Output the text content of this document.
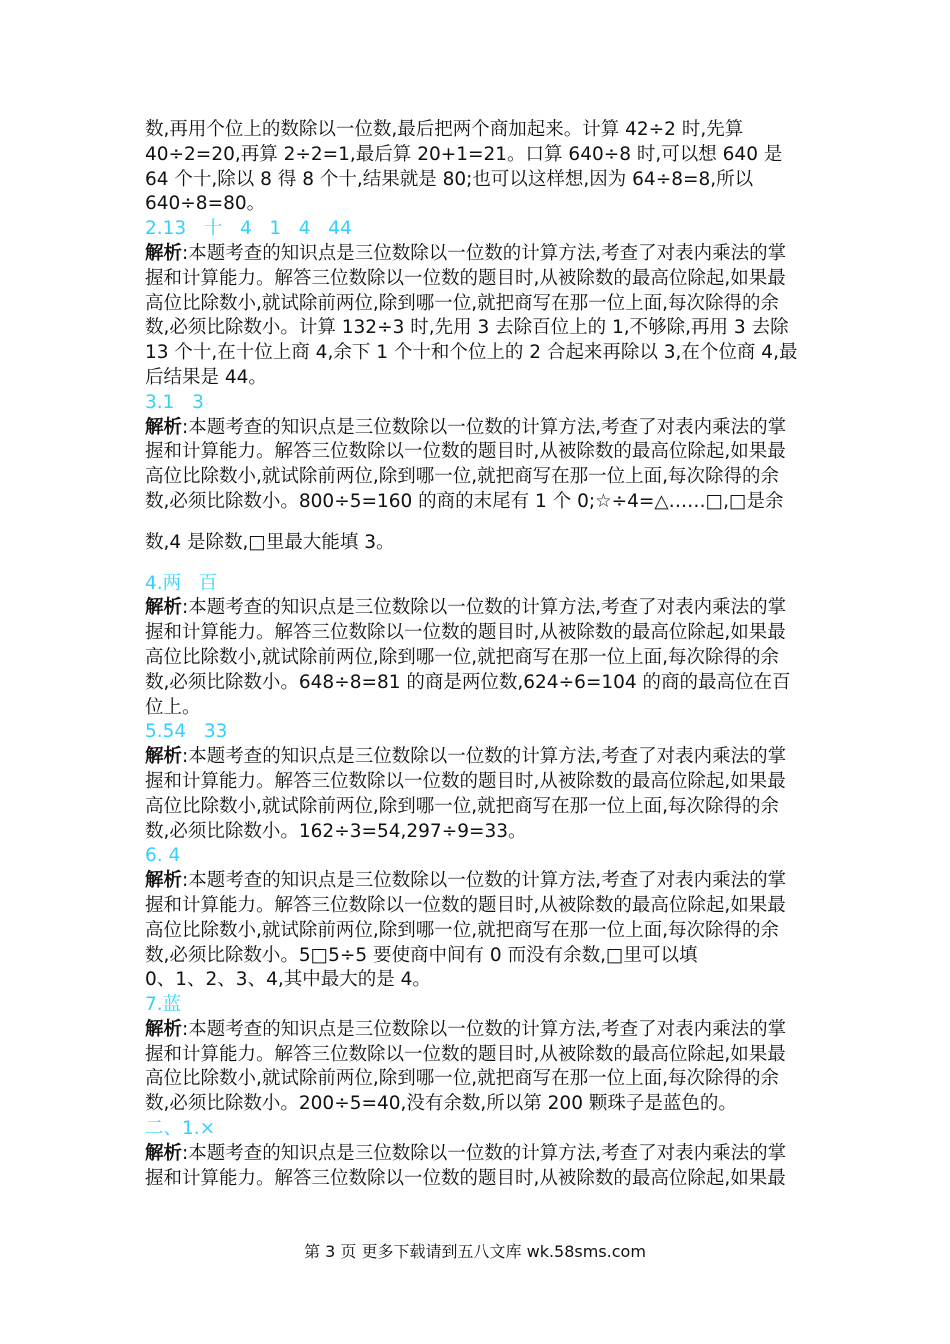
数,再用个位上的数除以一位数,最后把两个商加起来。计算 42÷2 时,先算

40÷2=20,再算 2÷2=1,最后算 20+1=21。口算 640÷8 时,可以想 640 是

64 个十,除以 8 得 8 个十,结果就是 80;也可以这样想,因为 64÷8=8,所以

640÷8=80。

2.13   十   4   1   4   44

解析:本题考查的知识点是三位数除以一位数的计算方法,考查了对表内乘法的掌

握和计算能力。解答三位数除以一位数的题目时,从被除数的最高位除起,如果最

高位比除数小,就试除前两位,除到哪一位,就把商写在那一位上面,每次除得的余

数,必须比除数小。计算 132÷3 时,先用 3 去除百位上的 1,不够除,再用 3 去除

13 个十,在十位上商 4,余下 1 个十和个位上的 2 合起来再除以 3,在个位商 4,最

后结果是 44。

3.1   3

解析:本题考查的知识点是三位数除以一位数的计算方法,考查了对表内乘法的掌

握和计算能力。解答三位数除以一位数的题目时,从被除数的最高位除起,如果最

高位比除数小,就试除前两位,除到哪一位,就把商写在那一位上面,每次除得的余

数,必须比除数小。800÷5=160 的商的末尾有 1 个 0;☆÷4=△……□,□是余

数,4 是除数,□里最大能填 3。

4.两   百

解析:本题考查的知识点是三位数除以一位数的计算方法,考查了对表内乘法的掌

握和计算能力。解答三位数除以一位数的题目时,从被除数的最高位除起,如果最

高位比除数小,就试除前两位,除到哪一位,就把商写在那一位上面,每次除得的余

数,必须比除数小。648÷8=81 的商是两位数,624÷6=104 的商的最高位在百

位上。

5.54   33

解析:本题考查的知识点是三位数除以一位数的计算方法,考查了对表内乘法的掌

握和计算能力。解答三位数除以一位数的题目时,从被除数的最高位除起,如果最

高位比除数小,就试除前两位,除到哪一位,就把商写在那一位上面,每次除得的余

数,必须比除数小。162÷3=54,297÷9=33。

6. 4

解析:本题考查的知识点是三位数除以一位数的计算方法,考查了对表内乘法的掌

握和计算能力。解答三位数除以一位数的题目时,从被除数的最高位除起,如果最

高位比除数小,就试除前两位,除到哪一位,就把商写在那一位上面,每次除得的余

数,必须比除数小。5□5÷5 要使商中间有 0 而没有余数,□里可以填

0、1、2、3、4,其中最大的是 4。

7.蓝

解析:本题考查的知识点是三位数除以一位数的计算方法,考查了对表内乘法的掌

握和计算能力。解答三位数除以一位数的题目时,从被除数的最高位除起,如果最

高位比除数小,就试除前两位,除到哪一位,就把商写在那一位上面,每次除得的余

数,必须比除数小。200÷5=40,没有余数,所以第 200 颗珠子是蓝色的。

二、1.×

解析:本题考查的知识点是三位数除以一位数的计算方法,考查了对表内乘法的掌

握和计算能力。解答三位数除以一位数的题目时,从被除数的最高位除起,如果最

第 3 页 更多下载请到五八文库 wk.58sms.com
